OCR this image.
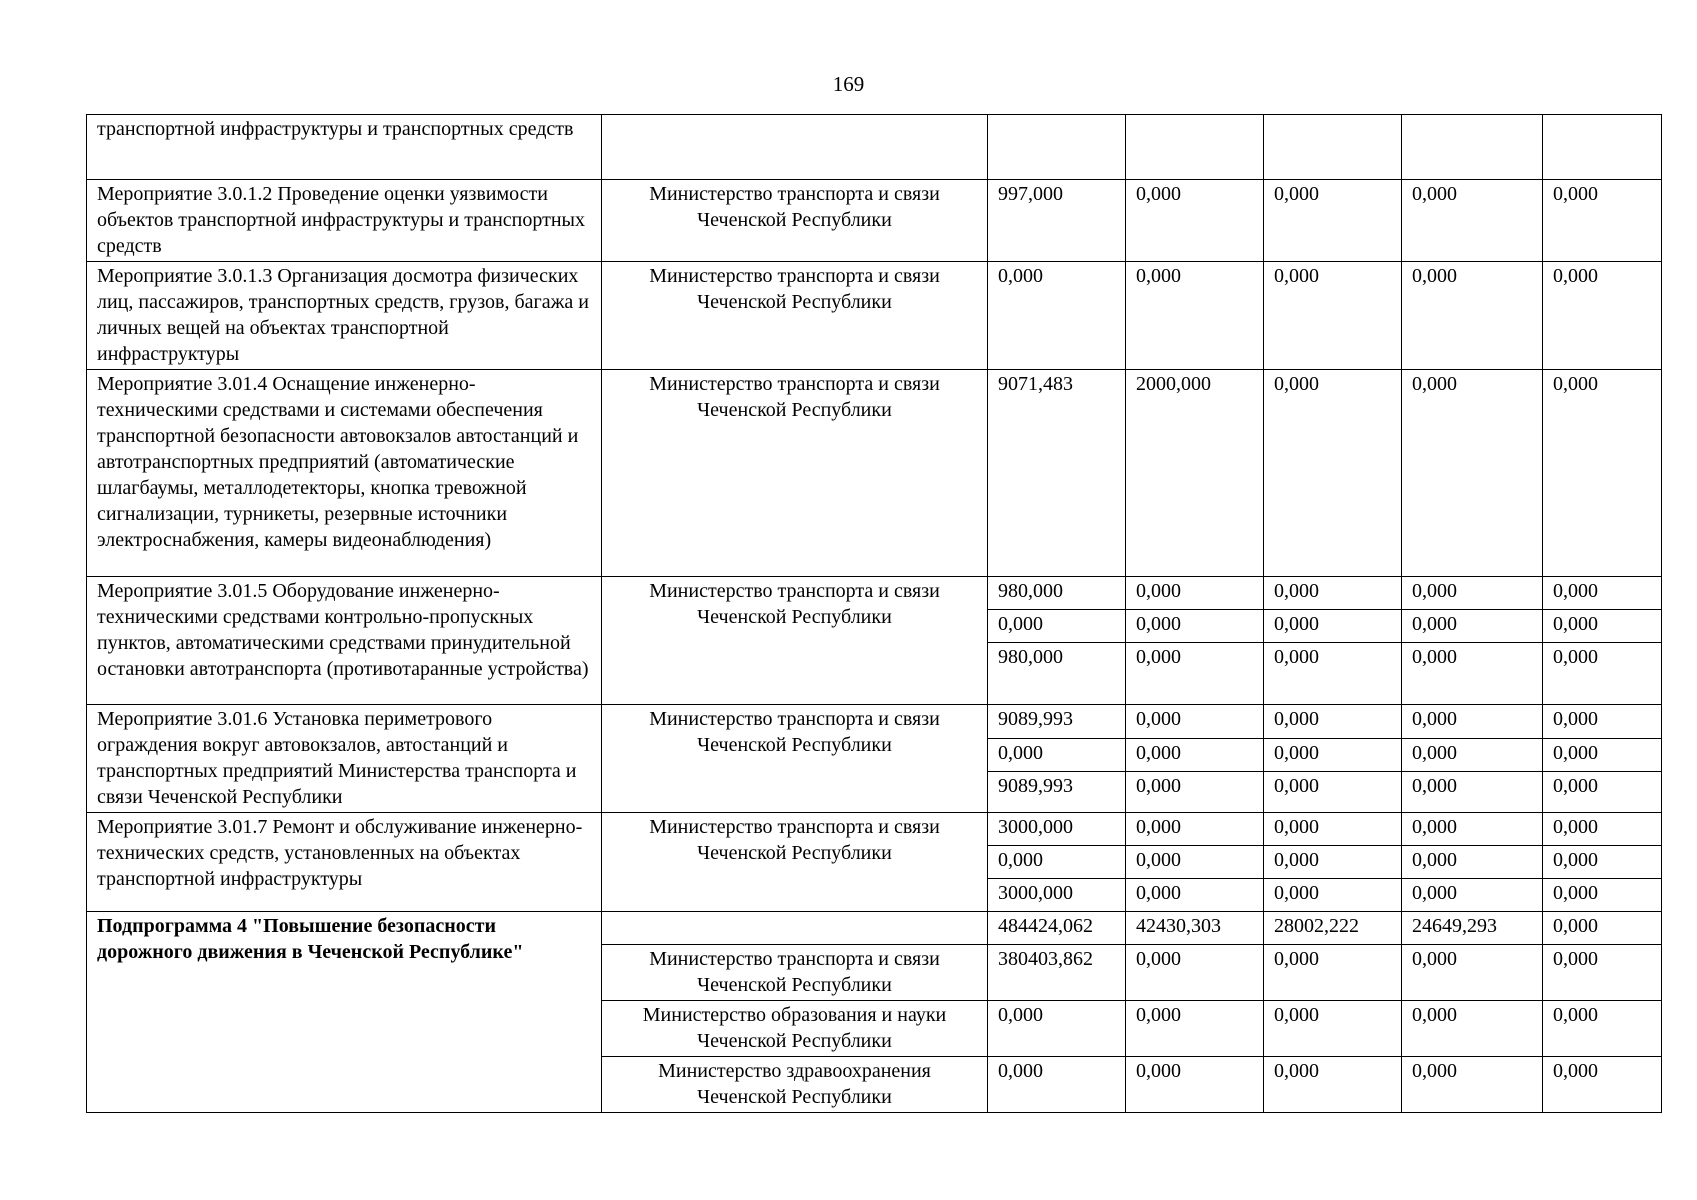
169
транспортной инфраструктуры и транспортных средств						
Мероприятие 3.0.1.2 Проведение оценки уязвимости объектов транспортной инфраструктуры и транспортных средств	Министерство транспорта и связи Чеченской Республики	997,000	0,000	0,000	0,000	0,000
Мероприятие 3.0.1.3 Организация досмотра физических лиц, пассажиров, транспортных средств, грузов, багажа и личных вещей на объектах транспортной инфраструктуры	Министерство транспорта и связи Чеченской Республики	0,000	0,000	0,000	0,000	0,000
Мероприятие 3.01.4 Оснащение инженерно-техническими средствами и системами обеспечения транспортной безопасности автовокзалов автостанций и автотранспортных предприятий (автоматические шлагбаумы, металлодетекторы, кнопка тревожной сигнализации, турникеты, резервные источники электроснабжения, камеры видеонаблюдения)	Министерство транспорта и связи Чеченской Республики	9071,483	2000,000	0,000	0,000	0,000
Мероприятие 3.01.5 Оборудование инженерно-техническими средствами контрольно-пропускных пунктов, автоматическими средствами принудительной остановки автотранспорта (противотаранные устройства)	Министерство транспорта и связи Чеченской Республики	980,000	0,000	0,000	0,000	0,000
		0,000	0,000	0,000	0,000	0,000
		980,000	0,000	0,000	0,000	0,000
Мероприятие 3.01.6 Установка периметрового ограждения вокруг автовокзалов, автостанций и транспортных предприятий Министерства транспорта и связи Чеченской Республики	Министерство транспорта и связи Чеченской Республики	9089,993	0,000	0,000	0,000	0,000
		0,000	0,000	0,000	0,000	0,000
		9089,993	0,000	0,000	0,000	0,000
Мероприятие 3.01.7 Ремонт и обслуживание инженерно-технических средств, установленных на объектах транспортной инфраструктуры	Министерство транспорта и связи Чеченской Республики	3000,000	0,000	0,000	0,000	0,000
		0,000	0,000	0,000	0,000	0,000
		3000,000	0,000	0,000	0,000	0,000
Подпрограмма 4 "Повышение безопасности дорожного движения в Чеченской Республике"		484424,062	42430,303	28002,222	24649,293	0,000
	Министерство транспорта и связи Чеченской Республики	380403,862	0,000	0,000	0,000	0,000
	Министерство образования и науки Чеченской Республики	0,000	0,000	0,000	0,000	0,000
	Министерство здравоохранения Чеченской Республики	0,000	0,000	0,000	0,000	0,000
